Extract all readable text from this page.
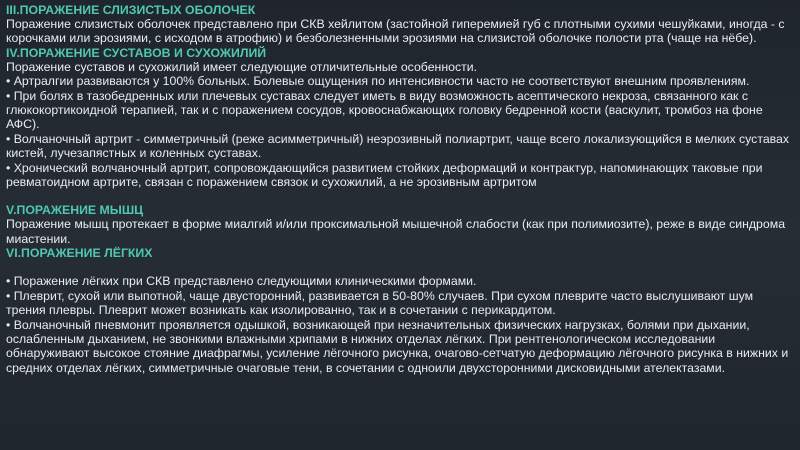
III.ПОРАЖЕНИЕ СЛИЗИСТЫХ ОБОЛОЧЕК

Поражение слизистых оболочек представлено при СКВ хейлитом (застойной гиперемией губ с плотными сухими чешуйками, иногда - с корочками или эрозиями, с исходом в атрофию) и безболезненными эрозиями на слизистой оболочке полости рта (чаще на нёбе).

IV.ПОРАЖЕНИЕ СУСТАВОВ И СУХОЖИЛИЙ

Поражение суставов и сухожилий имеет следующие отличительные особенности.

• Артралгии развиваются у 100% больных. Болевые ощущения по интенсивности часто не соответствуют внешним проявлениям.

• При болях в тазобедренных или плечевых суставах следует иметь в виду возможность асептического некроза, связанного как с глюкокортикоидной терапией, так и с поражением сосудов, кровоснабжающих головку бедренной кости (васкулит, тромбоз на фоне АФС).

• Волчаночный артрит - симметричный (реже асимметричный) неэрозивный полиартрит, чаще всего локализующийся в мелких суставах кистей, лучезапястных и коленных суставах.

• Хронический волчаночный артрит, сопровождающийся развитием стойких деформаций и контрактур, напоминающих таковые при ревматоидном артрите, связан с поражением связок и сухожилий, а не эрозивным артритом

V.ПОРАЖЕНИЕ МЫШЦ

Поражение мышц протекает в форме миалгий и/или проксимальной мышечной слабости (как при полимиозите), реже в виде синдрома миастении.

VI.ПОРАЖЕНИЕ ЛЁГКИХ

• Поражение лёгких при СКВ представлено следующими клиническими формами.

• Плеврит, сухой или выпотной, чаще двусторонний, развивается в 50-80% случаев. При сухом плеврите часто выслушивают шум трения плевры. Плеврит может возникать как изолированно, так и в сочетании с перикардитом.

• Волчаночный пневмонит проявляется одышкой, возникающей при незначительных физических нагрузках, болями при дыхании, ослабленным дыханием, не звонкими влажными хрипами в нижних отделах лёгких. При рентгенологическом исследовании обнаруживают высокое стояние диафрагмы, усиление лёгочного рисунка, очагово-сетчатую деформацию лёгочного рисунка в нижних и средних отделах лёгких, симметричные очаговые тени, в сочетании с одноили двухсторонними дисковидными ателектазами.
